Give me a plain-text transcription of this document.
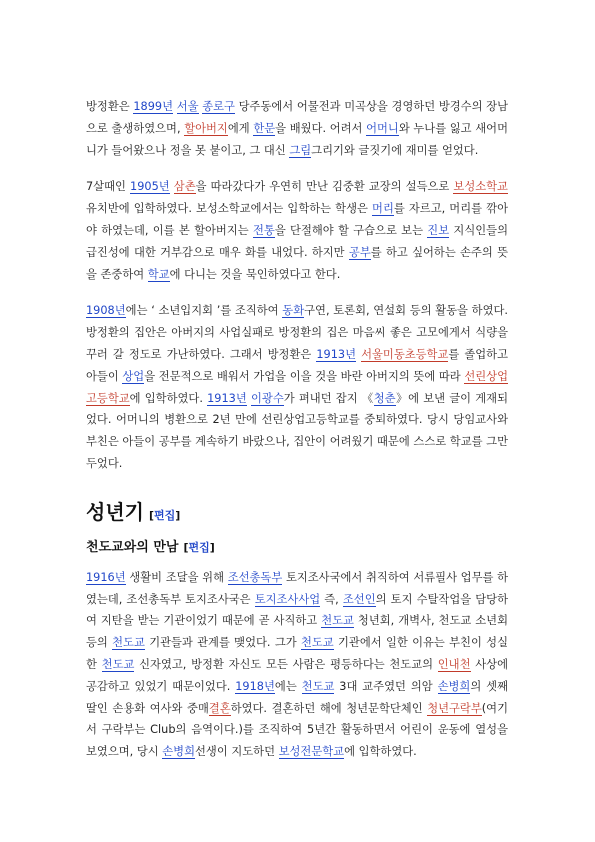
방정환은 1899년 서울 종로구 당주동에서 어물전과 미곡상을 경영하던 방경수의 장남으로 출생하였으며, 할아버지에게 한문을 배웠다. 어려서 어머니와 누나를 잃고 새어머니가 들어왔으나 정을 못 붙이고, 그 대신 그림그리기와 글짓기에 재미를 얻었다.

7살때인 1905년 삼촌을 따라갔다가 우연히 만난 김중환 교장의 설득으로 보성소학교 유치반에 입학하였다. 보성소학교에서는 입학하는 학생은 머리를 자르고, 머리를 깎아야 하였는데, 이를 본 할아버지는 전통을 단절해야 할 구습으로 보는 진보 지식인들의 급진성에 대한 거부감으로 매우 화를 내었다. 하지만 공부를 하고 싶어하는 손주의 뜻을 존중하여 학교에 다니는 것을 묵인하였다고 한다.

1908년에는 ‘ 소년입지회 ’를 조직하여 동화구연, 토론회, 연설회 등의 활동을 하였다. 방정환의 집안은 아버지의 사업실패로 방정환의 집은 마음씨 좋은 고모에게서 식량을 꾸러 갈 정도로 가난하였다. 그래서 방정환은 1913년 서울미동초등학교를 졸업하고 아들이 상업을 전문적으로 배워서 가업을 이을 것을 바란 아버지의 뜻에 따라 선린상업고등학교에 입학하였다. 1913년 이광수가 펴내던 잡지 《청춘》에 보낸 글이 게재되었다. 어머니의 병환으로 2년 만에 선린상업고등학교를 중퇴하였다. 당시 당임교사와 부친은 아들이 공부를 계속하기 바랐으나, 집안이 어려웠기 때문에 스스로 학교를 그만두었다.

성년기 [편집]
천도교와의 만남 [편집]

1916년 생활비 조달을 위해 조선총독부 토지조사국에서 취직하여 서류필사 업무를 하였는데, 조선총독부 토지조사국은 토지조사사업 즉, 조선인의 토지 수탈작업을 담당하여 지탄을 받는 기관이었기 때문에 곧 사직하고 천도교 청년회, 개벽사, 천도교 소년회 등의 천도교 기관들과 관계를 맺었다. 그가 천도교 기관에서 일한 이유는 부친이 성실한 천도교 신자였고, 방정환 자신도 모든 사람은 평등하다는 천도교의 인내천 사상에 공감하고 있었기 때문이었다. 1918년에는 천도교 3대 교주였던 의암 손병희의 셋째 딸인 손용화 여사와 중매결혼하였다. 결혼하던 해에 청년문학단체인 청년구락부(여기서 구락부는 Club의 음역이다.)를 조직하여 5년간 활동하면서 어린이 운동에 열성을 보였으며, 당시 손병희선생이 지도하던 보성전문학교에 입학하였다.
